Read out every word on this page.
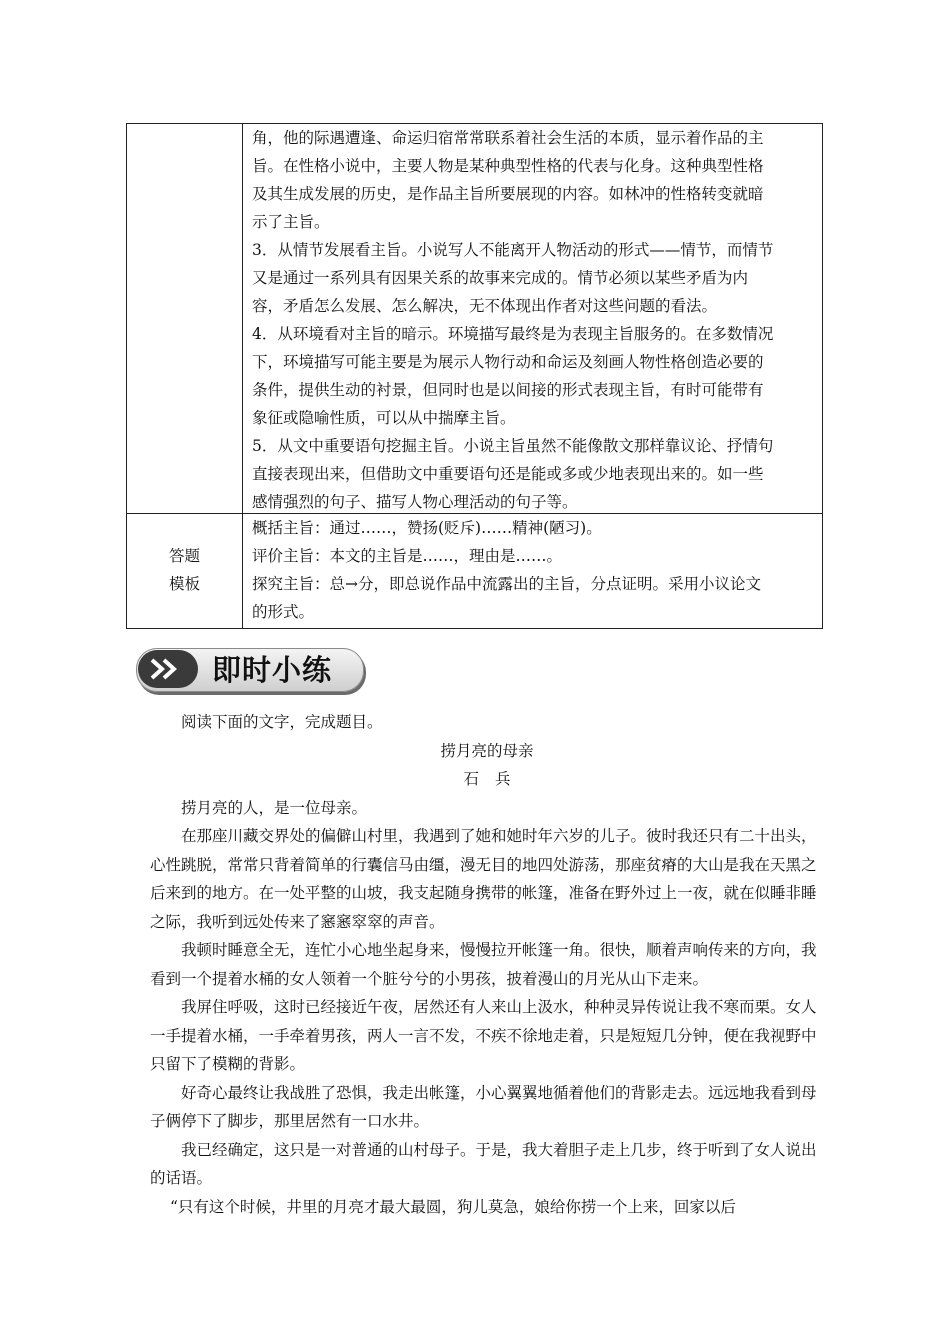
角，他的际遇遭逢、命运归宿常常联系着社会生活的本质，显示着作品的主

旨。在性格小说中，主要人物是某种典型性格的代表与化身。这种典型性格

及其生成发展的历史，是作品主旨所要展现的内容。如林冲的性格转变就暗

示了主旨。

3．从情节发展看主旨。小说写人不能离开人物活动的形式——情节，而情节

又是通过一系列具有因果关系的故事来完成的。情节必须以某些矛盾为内

容，矛盾怎么发展、怎么解决，无不体现出作者对这些问题的看法。

4．从环境看对主旨的暗示。环境描写最终是为表现主旨服务的。在多数情况

下，环境描写可能主要是为展示人物行动和命运及刻画人物性格创造必要的

条件，提供生动的衬景，但同时也是以间接的形式表现主旨，有时可能带有

象征或隐喻性质，可以从中揣摩主旨。

5．从文中重要语句挖掘主旨。小说主旨虽然不能像散文那样靠议论、抒情句

直接表现出来，但借助文中重要语句还是能或多或少地表现出来的。如一些

感情强烈的句子、描写人物心理活动的句子等。

答题
模板

概括主旨：通过……，赞扬(贬斥)……精神(陋习)。

评价主旨：本文的主旨是……，理由是……。

探究主旨：总→分，即总说作品中流露出的主旨，分点证明。采用小议论文

的形式。

即时小练

阅读下面的文字，完成题目。

捞月亮的母亲

石兵

捞月亮的人，是一位母亲。

在那座川藏交界处的偏僻山村里，我遇到了她和她时年六岁的儿子。彼时我还只有二十出头，心性跳脱，常常只背着简单的行囊信马由缰，漫无目的地四处游荡，那座贫瘠的大山是我在天黑之后来到的地方。在一处平整的山坡，我支起随身携带的帐篷，准备在野外过上一夜，就在似睡非睡之际，我听到远处传来了窸窸窣窣的声音。

我顿时睡意全无，连忙小心地坐起身来，慢慢拉开帐篷一角。很快，顺着声响传来的方向，我看到一个提着水桶的女人领着一个脏兮兮的小男孩，披着漫山的月光从山下走来。

我屏住呼吸，这时已经接近午夜，居然还有人来山上汲水，种种灵异传说让我不寒而栗。女人一手提着水桶，一手牵着男孩，两人一言不发，不疾不徐地走着，只是短短几分钟，便在我视野中只留下了模糊的背影。

好奇心最终让我战胜了恐惧，我走出帐篷，小心翼翼地循着他们的背影走去。远远地我看到母子俩停下了脚步，那里居然有一口水井。

我已经确定，这只是一对普通的山村母子。于是，我大着胆子走上几步，终于听到了女人说出的话语。

“只有这个时候，井里的月亮才最大最圆，狗儿莫急，娘给你捞一个上来，回家以后
